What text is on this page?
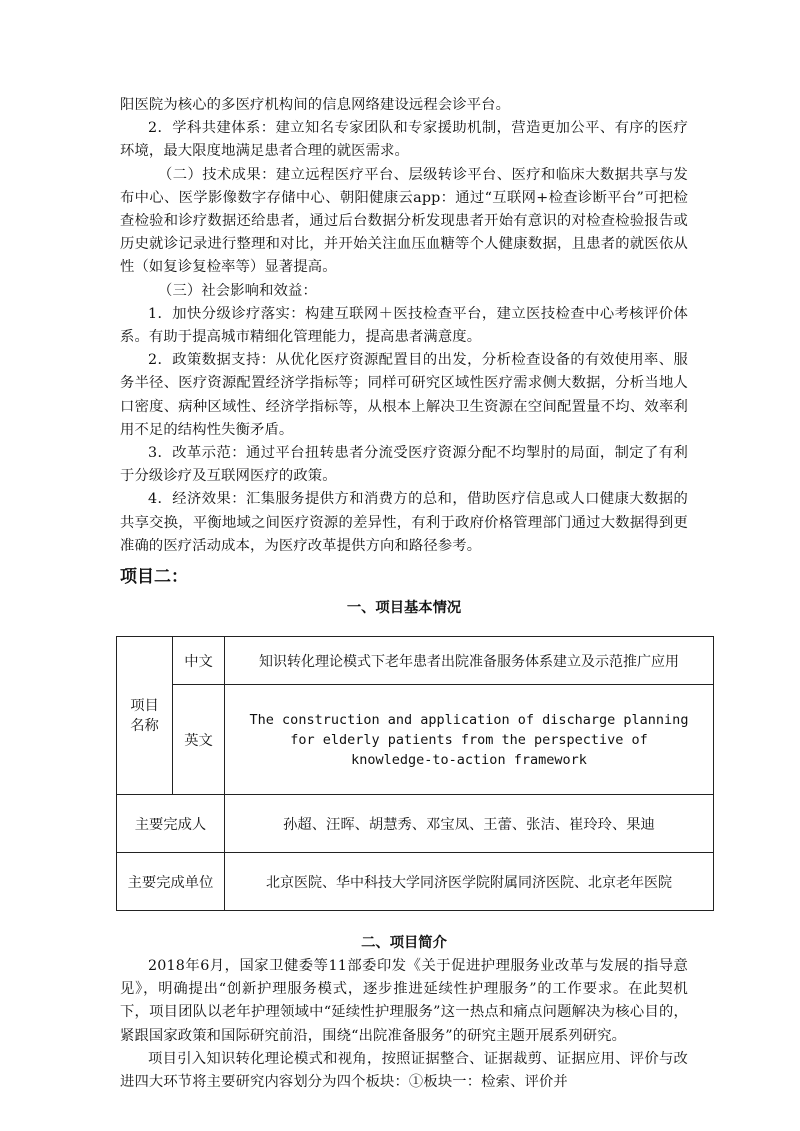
阳医院为核心的多医疗机构间的信息网络建设远程会诊平台。

2．学科共建体系：建立知名专家团队和专家援助机制，营造更加公平、有序的医疗环境，最大限度地满足患者合理的就医需求。

（二）技术成果：建立远程医疗平台、层级转诊平台、医疗和临床大数据共享与发布中心、医学影像数字存储中心、朝阳健康云app：通过“互联网+检查诊断平台”可把检查检验和诊疗数据还给患者，通过后台数据分析发现患者开始有意识的对检查检验报告或历史就诊记录进行整理和对比，并开始关注血压血糖等个人健康数据，且患者的就医依从性（如复诊复检率等）显著提高。

（三）社会影响和效益：

1．加快分级诊疗落实：构建互联网＋医技检查平台，建立医技检查中心考核评价体系。有助于提高城市精细化管理能力，提高患者满意度。

2．政策数据支持：从优化医疗资源配置目的出发，分析检查设备的有效使用率、服务半径、医疗资源配置经济学指标等；同样可研究区域性医疗需求侧大数据，分析当地人口密度、病种区域性、经济学指标等，从根本上解决卫生资源在空间配置量不均、效率利用不足的结构性失衡矛盾。

3．改革示范：通过平台扭转患者分流受医疗资源分配不均掣肘的局面，制定了有利于分级诊疗及互联网医疗的政策。

4．经济效果：汇集服务提供方和消费方的总和，借助医疗信息或人口健康大数据的共享交换，平衡地域之间医疗资源的差异性，有利于政府价格管理部门通过大数据得到更准确的医疗活动成本，为医疗改革提供方向和路径参考。

项目二：
一、项目基本情况
项目名称	中文	知识转化理论模式下老年患者出院准备服务体系建立及示范推广应用
	英文	The construction and application of discharge planning for elderly patients from the perspective of knowledge-to-action framework
主要完成人		孙超、汪晖、胡慧秀、邓宝凤、王蕾、张洁、崔玲玲、果迪
主要完成单位		北京医院、华中科技大学同济医学院附属同济医院、北京老年医院
二、项目简介

2018年6月，国家卫健委等11部委印发《关于促进护理服务业改革与发展的指导意见》，明确提出“创新护理服务模式，逐步推进延续性护理服务”的工作要求。在此契机下，项目团队以老年护理领域中“延续性护理服务”这一热点和痛点问题解决为核心目的，紧跟国家政策和国际研究前沿，围绕“出院准备服务”的研究主题开展系列研究。

项目引入知识转化理论模式和视角，按照证据整合、证据裁剪、证据应用、评价与改进四大环节将主要研究内容划分为四个板块：①板块一：检索、评价并
